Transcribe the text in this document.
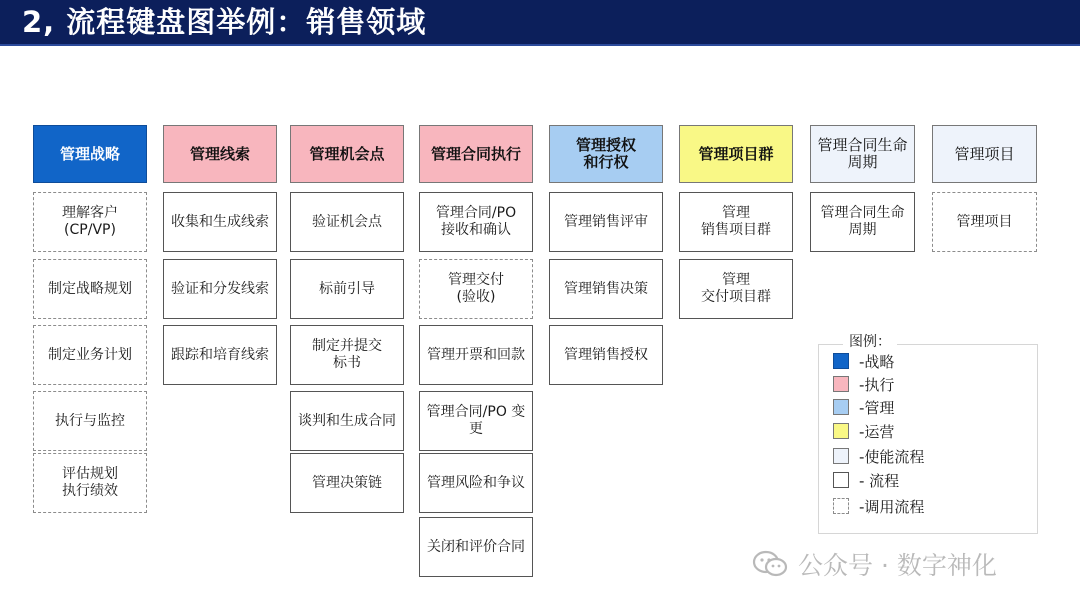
2, 流程键盘图举例：销售领域
管理战略
理解客户
(CP/VP)
制定战略规划
制定业务计划
执行与监控
评估规划
执行绩效
管理线索
收集和生成线索
验证和分发线索
跟踪和培育线索
管理机会点
验证机会点
标前引导
制定并提交
标书
谈判和生成合同
管理决策链
管理合同执行
管理合同/PO
接收和确认
管理交付
(验收)
管理开票和回款
管理合同/PO 变
更
管理风险和争议
关闭和评价合同
管理授权
和行权
管理销售评审
管理销售决策
管理销售授权
管理项目群
管理
销售项目群
管理
交付项目群
管理合同生命
周期
管理合同生命
周期
管理项目
管理项目
图例：
-战略
-执行
-管理
-运营
-使能流程
- 流程
-调用流程
公众号 · 数字神化
